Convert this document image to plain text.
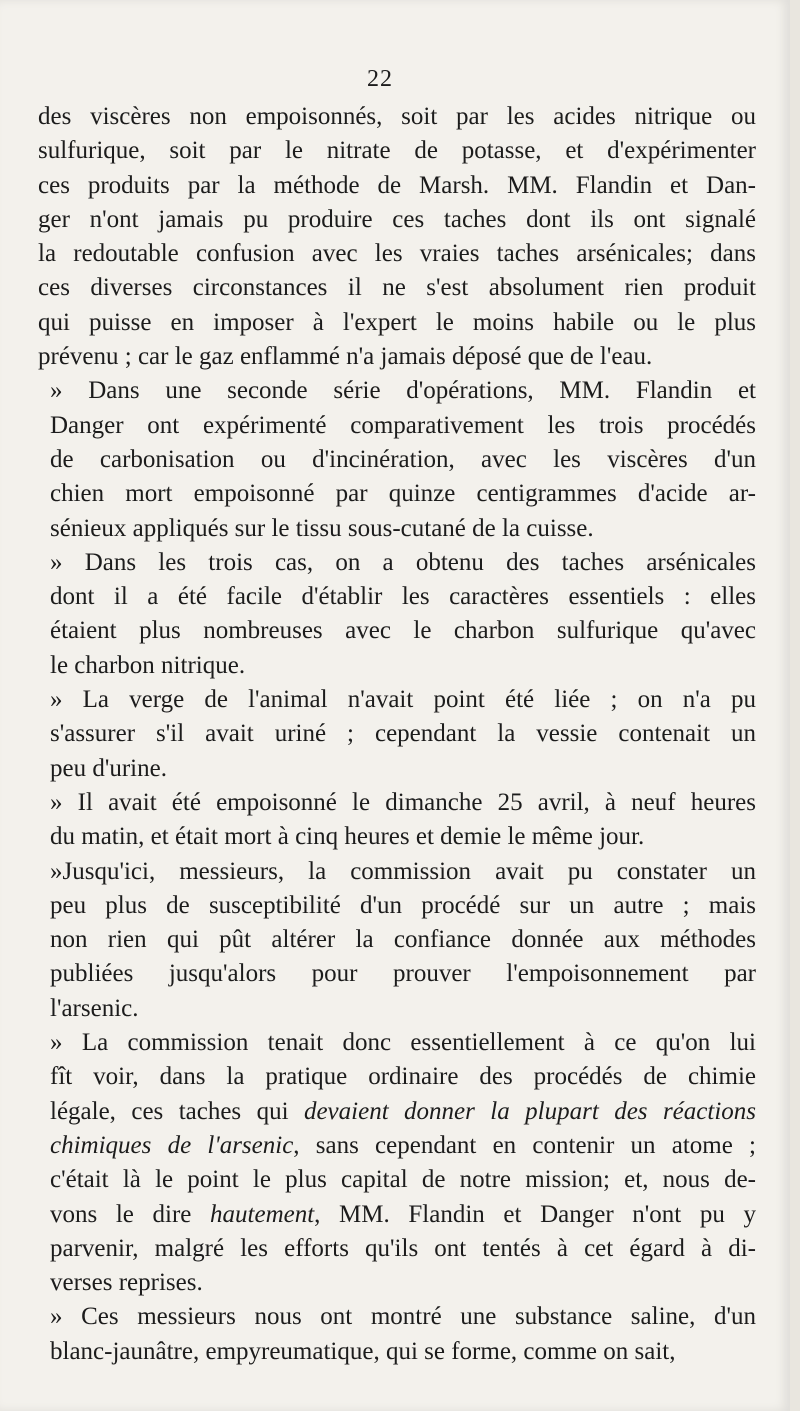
22
des viscères non empoisonnés, soit par les acides nitrique ou
sulfurique, soit par le nitrate de potasse, et d'expérimenter
ces produits par la méthode de Marsh. MM. Flandin et Dan-
ger n'ont jamais pu produire ces taches dont ils ont signalé
la redoutable confusion avec les vraies taches arsénicales; dans
ces diverses circonstances il ne s'est absolument rien produit
qui puisse en imposer à l'expert le moins habile ou le plus
prévenu ; car le gaz enflammé n'a jamais déposé que de l'eau.
» Dans une seconde série d'opérations, MM. Flandin et
Danger ont expérimenté comparativement les trois procédés
de carbonisation ou d'incinération, avec les viscères d'un
chien mort empoisonné par quinze centigrammes d'acide ar-
sénieux appliqués sur le tissu sous-cutané de la cuisse.
» Dans les trois cas, on a obtenu des taches arsénicales
dont il a été facile d'établir les caractères essentiels : elles
étaient plus nombreuses avec le charbon sulfurique qu'avec
le charbon nitrique.
» La verge de l'animal n'avait point été liée ; on n'a pu
s'assurer s'il avait uriné ; cependant la vessie contenait un
peu d'urine.
» Il avait été empoisonné le dimanche 25 avril, à neuf heures
du matin, et était mort à cinq heures et demie le même jour.
»Jusqu'ici, messieurs, la commission avait pu constater un
peu plus de susceptibilité d'un procédé sur un autre ; mais
non rien qui pût altérer la confiance donnée aux méthodes
publiées jusqu'alors pour prouver l'empoisonnement par
l'arsenic.
» La commission tenait donc essentiellement à ce qu'on lui
fît voir, dans la pratique ordinaire des procédés de chimie
légale, ces taches qui devaient donner la plupart des réactions
chimiques de l'arsenic, sans cependant en contenir un atome ;
c'était là le point le plus capital de notre mission; et, nous de-
vons le dire hautement, MM. Flandin et Danger n'ont pu y
parvenir, malgré les efforts qu'ils ont tentés à cet égard à di-
verses reprises.
» Ces messieurs nous ont montré une substance saline, d'un
blanc-jaunâtre, empyreumatique, qui se forme, comme on sait,
